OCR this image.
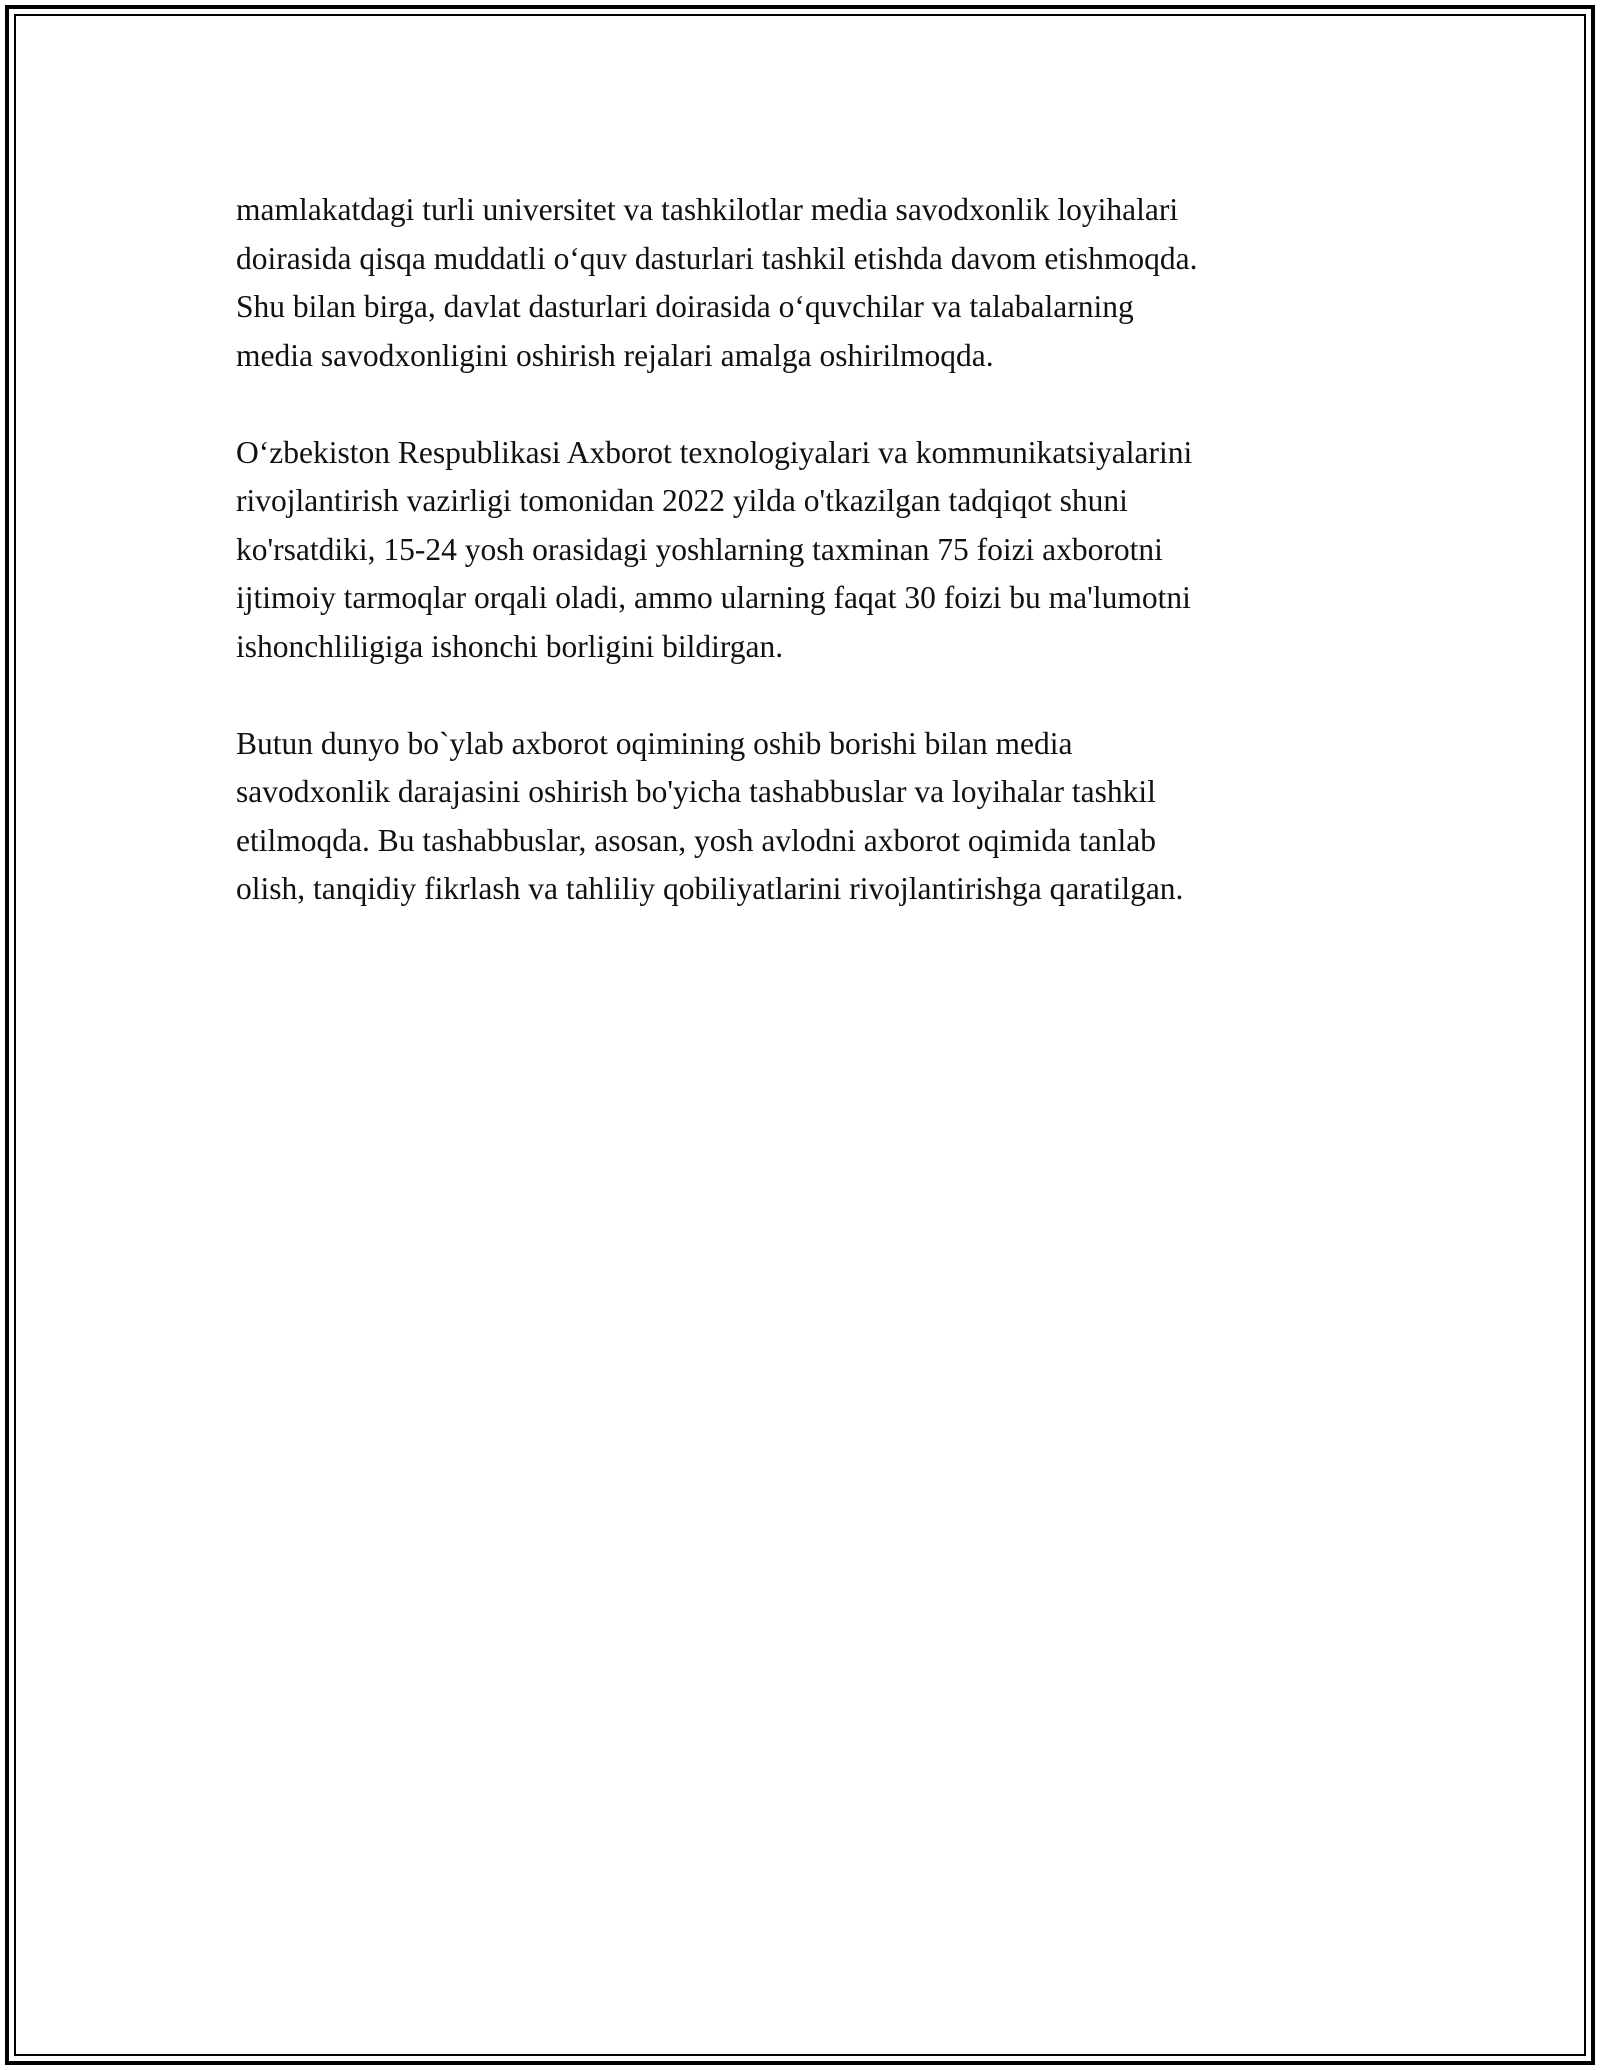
mamlakatdagi turli universitet va tashkilotlar media savodxonlik loyihalari
doirasida qisqa muddatli o‘quv dasturlari tashkil etishda davom etishmoqda.
Shu bilan birga, davlat dasturlari doirasida o‘quvchilar va talabalarning
media savodxonligini oshirish rejalari amalga oshirilmoqda.

O‘zbekiston Respublikasi Axborot texnologiyalari va kommunikatsiyalarini
rivojlantirish vazirligi tomonidan 2022 yilda o'tkazilgan tadqiqot shuni
ko'rsatdiki, 15-24 yosh orasidagi yoshlarning taxminan 75 foizi axborotni
ijtimoiy tarmoqlar orqali oladi, ammo ularning faqat 30 foizi bu ma'lumotni
ishonchliligiga ishonchi borligini bildirgan.

Butun dunyo bo`ylab axborot oqimining oshib borishi bilan media
savodxonlik darajasini oshirish bo'yicha tashabbuslar va loyihalar tashkil
etilmoqda. Bu tashabbuslar, asosan, yosh avlodni axborot oqimida tanlab
olish, tanqidiy fikrlash va tahliliy qobiliyatlarini rivojlantirishga qaratilgan.
